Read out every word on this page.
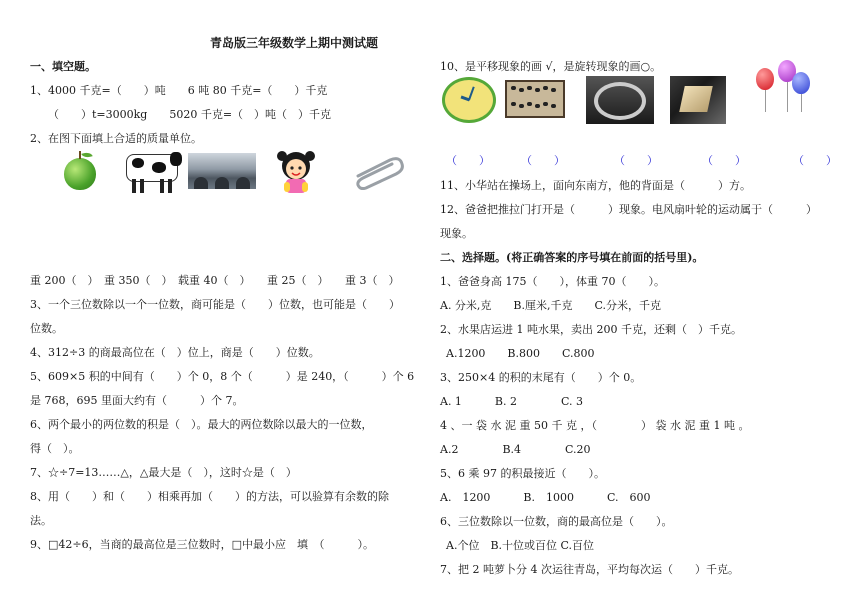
青岛版三年级数学上期中测试题
一、填空题。
1、4000 千克=（　　）吨　　6 吨 80 千克=（　　）千克
（　　）t=3000kg　　5020 千克=（　）吨（　）千克
2、在图下面填上合适的质量单位。
重 200（　）　重 350（　）　载重 40（　）　　重 25（　）　　重 3（　）
3、一个三位数除以一个一位数，商可能是（　　）位数，也可能是（　　）
位数。
4、312÷3 的商最高位在（　）位上，商是（　　）位数。
5、609×5 积的中间有（　　）个 0，8 个（　　　）是 240，（　　　）个 6
是 768，695 里面大约有（　　　）个 7。
6、两个最小的两位数的积是（　）。最大的两位数除以最大的一位数，
得（　）。
7、☆÷7=13……△，△最大是（　），这时☆是（　）
8、用（　　）和（　　）相乘再加（　　）的方法，可以验算有余数的除
法。
9、□42÷6，当商的最高位是三位数时，□中最小应　填　（　　　）。
10、是平移现象的画 √，是旋转现象的画○。
（　　）	（　　）	（　　）	（　　）	（　　）
11、小华站在操场上，面向东南方，他的背面是（　　　）方。
12、爸爸把推拉门打开是（　　　）现象。电风扇叶轮的运动属于（　　　）
现象。
二、选择题。(将正确答案的序号填在前面的括号里)。
1、爸爸身高 175（　　），体重 70（　　）。
A. 分米,克　　B.厘米,千克　　C.分米，千克
2、水果店运进 1 吨水果，卖出 200 千克，还剩（　）千克。
A.1200　　B.800　　C.800
3、250×4 的积的末尾有（　　）个 0。
A. 1　　　B. 2　　　　C. 3
4 、一 袋 水 泥 重 50 千 克 ，（　　　　） 袋 水 泥 重 1 吨 。
A.2　　　　B.4　　　　C.20
5、6 乘 97 的积最接近（　　）。
A.　1200　　　B.　1000　　　C.　600
6、三位数除以一位数，商的最高位是（　　）。
A.个位　B.十位或百位 C.百位
7、把 2 吨萝卜分 4 次运往青岛，平均每次运（　　）千克。
